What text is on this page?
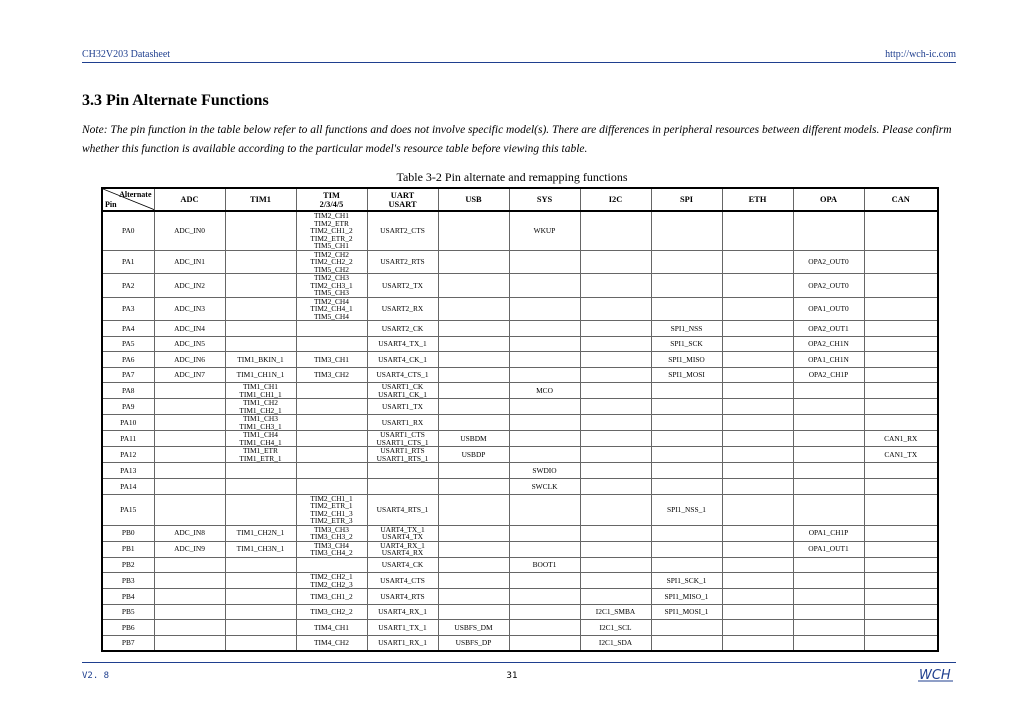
CH32V203 Datasheet	http://wch-ic.com
3.3 Pin Alternate Functions
Note: The pin function in the table below refer to all functions and does not involve specific model(s). There are differences in peripheral resources between different models. Please confirm whether this function is available according to the particular model's resource table before viewing this table.
Table 3-2 Pin alternate and remapping functions
Alternate
Pin	ADC	TIM1	TIM
2/3/4/5	UART
USART	USB	SYS	I2C	SPI	ETH	OPA	CAN

PA0	ADC_IN0		TIM2_CH1
TIM2_ETR
TIM2_CH1_2
TIM2_ETR_2
TIM5_CH1	USART2_CTS		WKUP					

PA1	ADC_IN1		TIM2_CH2
TIM2_CH2_2
TIM5_CH2	USART2_RTS						OPA2_OUT0	

PA2	ADC_IN2		TIM2_CH3
TIM2_CH3_1
TIM5_CH3	USART2_TX						OPA2_OUT0	

PA3	ADC_IN3		TIM2_CH4
TIM2_CH4_1
TIM5_CH4	USART2_RX						OPA1_OUT0	

PA4	ADC_IN4			USART2_CK				SPI1_NSS		OPA2_OUT1	

PA5	ADC_IN5			USART4_TX_1				SPI1_SCK		OPA2_CH1N	

PA6	ADC_IN6	TIM1_BKIN_1	TIM3_CH1	USART4_CK_1				SPI1_MISO		OPA1_CH1N	

PA7	ADC_IN7	TIM1_CH1N_1	TIM3_CH2	USART4_CTS_1				SPI1_MOSI		OPA2_CH1P	

PA8		TIM1_CH1
TIM1_CH1_1		USART1_CK
USART1_CK_1		MCO					

PA9		TIM1_CH2
TIM1_CH2_1		USART1_TX							

PA10		TIM1_CH3
TIM1_CH3_1		USART1_RX							

PA11		TIM1_CH4
TIM1_CH4_1		USART1_CTS
USART1_CTS_1	USBDM						CAN1_RX

PA12		TIM1_ETR
TIM1_ETR_1		USART1_RTS
USART1_RTS_1	USBDP						CAN1_TX

PA13						SWDIO					

PA14						SWCLK					

PA15			TIM2_CH1_1
TIM2_ETR_1
TIM2_CH1_3
TIM2_ETR_3	USART4_RTS_1				SPI1_NSS_1			

PB0	ADC_IN8	TIM1_CH2N_1	TIM3_CH3
TIM3_CH3_2	UART4_TX_1
USART4_TX						OPA1_CH1P	

PB1	ADC_IN9	TIM1_CH3N_1	TIM3_CH4
TIM3_CH4_2	UART4_RX_1
USART4_RX						OPA1_OUT1	

PB2				USART4_CK		BOOT1					

PB3			TIM2_CH2_1
TIM2_CH2_3	USART4_CTS				SPI1_SCK_1			

PB4			TIM3_CH1_2	USART4_RTS				SPI1_MISO_1			

PB5			TIM3_CH2_2	USART4_RX_1			I2C1_SMBA	SPI1_MOSI_1			

PB6			TIM4_CH1	USART1_TX_1	USBFS_DM		I2C1_SCL				

PB7			TIM4_CH2	USART1_RX_1	USBFS_DP		I2C1_SDA				

V2. 8	31	WCH
